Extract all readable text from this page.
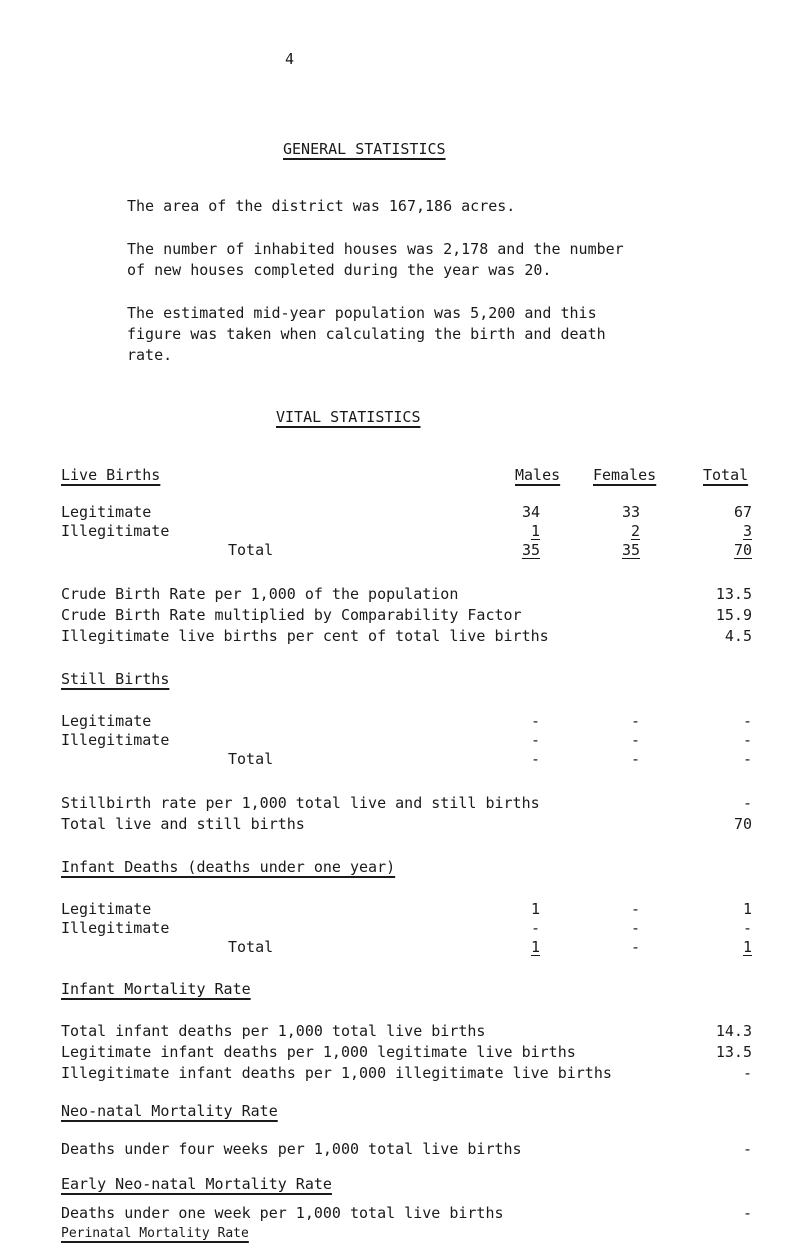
4
GENERAL STATISTICS
The area of the district was 167,186 acres.
The number of inhabited houses was 2,178 and the number
of new houses completed during the year was 20.
The estimated mid-year population was 5,200 and this
figure was taken when calculating the birth and death
rate.
VITAL STATISTICS
Live Births	Males Females	Total
Legitimate	34	33	67
Illegitimate	1	2	3
Total	35	35	70
Crude Birth Rate per 1,000 of the population	13.5
Crude Birth Rate multiplied by Comparability Factor	15.9
Illegitimate live births per cent of total live births	4.5
Still Births
Legitimate	-	-	-
Illegitimate	-	-	-
Total	-	-	-
Stillbirth rate per 1,000 total live and still births	-
Total live and still births	70
Infant Deaths (deaths under one year)
Legitimate	1	-	1
Illegitimate	-	-	-
Total	1	-	1
Infant Mortality Rate
Total infant deaths per 1,000 total live births	14.3
Legitimate infant deaths per 1,000 legitimate live births	13.5
Illegitimate infant deaths per 1,000 illegitimate live births	-
Neo-natal Mortality Rate
Deaths under four weeks per 1,000 total live births	-
Early Neo-natal Mortality Rate
Deaths under one week per 1,000 total live births	-
Perinatal Mortality Rate
